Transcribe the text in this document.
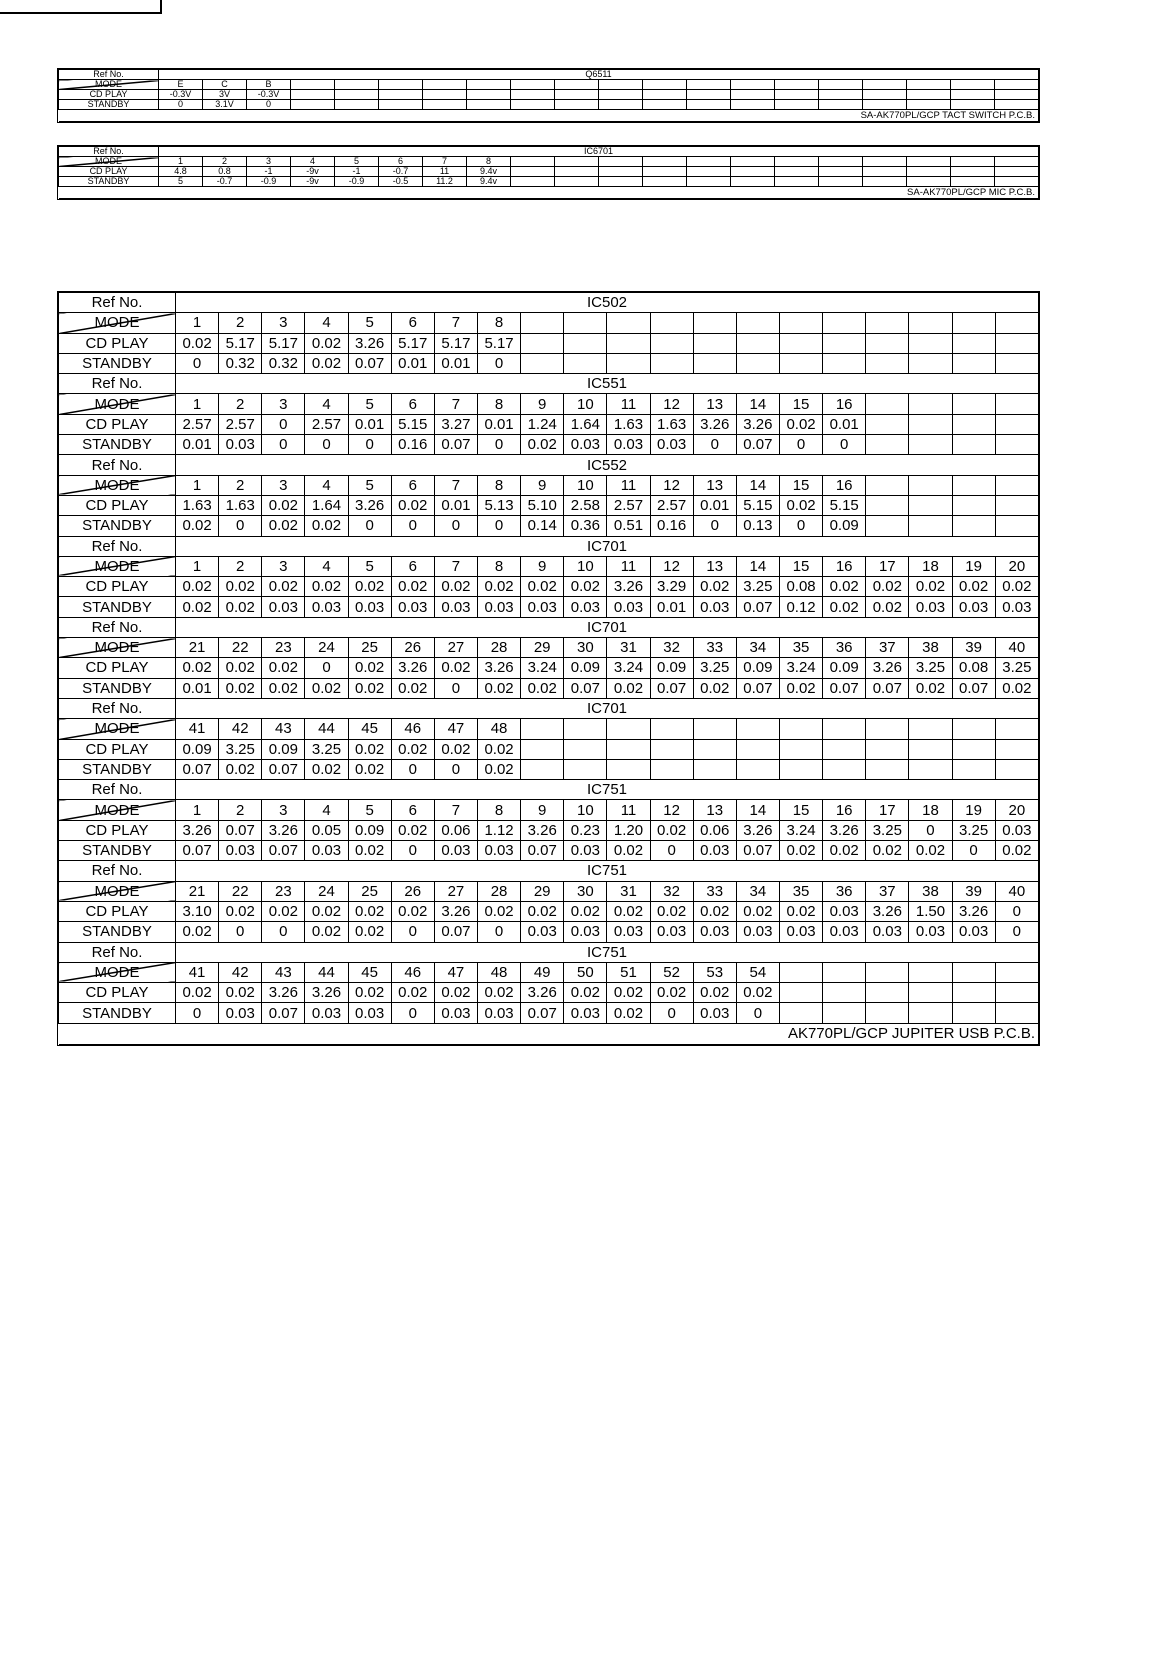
Ref No.	Q6511																			
MODE	E	C	B																	
CD PLAY	-0.3V	3V	-0.3V																	
STANDBY	0	3.1V	0																	
SA-AK770PL/GCP TACT SWITCH P.C.B.																				
Ref No.	IC6701																			
MODE	1	2	3	4	5	6	7	8												
CD PLAY	4.8	0.8	-1	-9v	-1	-0.7	11	9.4v												
STANDBY	5	-0.7	-0.9	-9v	-0.9	-0.5	11.2	9.4v												
SA-AK770PL/GCP MIC P.C.B.																				
Ref No.	IC502																			
MODE	1	2	3	4	5	6	7	8												
CD PLAY	0.02	5.17	5.17	0.02	3.26	5.17	5.17	5.17												
STANDBY	0	0.32	0.32	0.02	0.07	0.01	0.01	0												
Ref No.	IC551																			
MODE	1	2	3	4	5	6	7	8	9	10	11	12	13	14	15	16				
CD PLAY	2.57	2.57	0	2.57	0.01	5.15	3.27	0.01	1.24	1.64	1.63	1.63	3.26	3.26	0.02	0.01				
STANDBY	0.01	0.03	0	0	0	0.16	0.07	0	0.02	0.03	0.03	0.03	0	0.07	0	0				
Ref No.	IC552																			
MODE	1	2	3	4	5	6	7	8	9	10	11	12	13	14	15	16				
CD PLAY	1.63	1.63	0.02	1.64	3.26	0.02	0.01	5.13	5.10	2.58	2.57	2.57	0.01	5.15	0.02	5.15				
STANDBY	0.02	0	0.02	0.02	0	0	0	0	0.14	0.36	0.51	0.16	0	0.13	0	0.09				
Ref No.	IC701																			
MODE	1	2	3	4	5	6	7	8	9	10	11	12	13	14	15	16	17	18	19	20
CD PLAY	0.02	0.02	0.02	0.02	0.02	0.02	0.02	0.02	0.02	0.02	3.26	3.29	0.02	3.25	0.08	0.02	0.02	0.02	0.02	0.02
STANDBY	0.02	0.02	0.03	0.03	0.03	0.03	0.03	0.03	0.03	0.03	0.03	0.01	0.03	0.07	0.12	0.02	0.02	0.03	0.03	0.03
Ref No.	IC701																			
MODE	21	22	23	24	25	26	27	28	29	30	31	32	33	34	35	36	37	38	39	40
CD PLAY	0.02	0.02	0.02	0	0.02	3.26	0.02	3.26	3.24	0.09	3.24	0.09	3.25	0.09	3.24	0.09	3.26	3.25	0.08	3.25
STANDBY	0.01	0.02	0.02	0.02	0.02	0.02	0	0.02	0.02	0.07	0.02	0.07	0.02	0.07	0.02	0.07	0.07	0.02	0.07	0.02
Ref No.	IC701																			
MODE	41	42	43	44	45	46	47	48												
CD PLAY	0.09	3.25	0.09	3.25	0.02	0.02	0.02	0.02												
STANDBY	0.07	0.02	0.07	0.02	0.02	0	0	0.02												
Ref No.	IC751																			
MODE	1	2	3	4	5	6	7	8	9	10	11	12	13	14	15	16	17	18	19	20
CD PLAY	3.26	0.07	3.26	0.05	0.09	0.02	0.06	1.12	3.26	0.23	1.20	0.02	0.06	3.26	3.24	3.26	3.25	0	3.25	0.03
STANDBY	0.07	0.03	0.07	0.03	0.02	0	0.03	0.03	0.07	0.03	0.02	0	0.03	0.07	0.02	0.02	0.02	0.02	0	0.02
Ref No.	IC751																			
MODE	21	22	23	24	25	26	27	28	29	30	31	32	33	34	35	36	37	38	39	40
CD PLAY	3.10	0.02	0.02	0.02	0.02	0.02	3.26	0.02	0.02	0.02	0.02	0.02	0.02	0.02	0.02	0.03	3.26	1.50	3.26	0
STANDBY	0.02	0	0	0.02	0.02	0	0.07	0	0.03	0.03	0.03	0.03	0.03	0.03	0.03	0.03	0.03	0.03	0.03	0
Ref No.	IC751																			
MODE	41	42	43	44	45	46	47	48	49	50	51	52	53	54						
CD PLAY	0.02	0.02	3.26	3.26	0.02	0.02	0.02	0.02	3.26	0.02	0.02	0.02	0.02	0.02						
STANDBY	0	0.03	0.07	0.03	0.03	0	0.03	0.03	0.07	0.03	0.02	0	0.03	0						
AK770PL/GCP JUPITER USB P.C.B.																				
